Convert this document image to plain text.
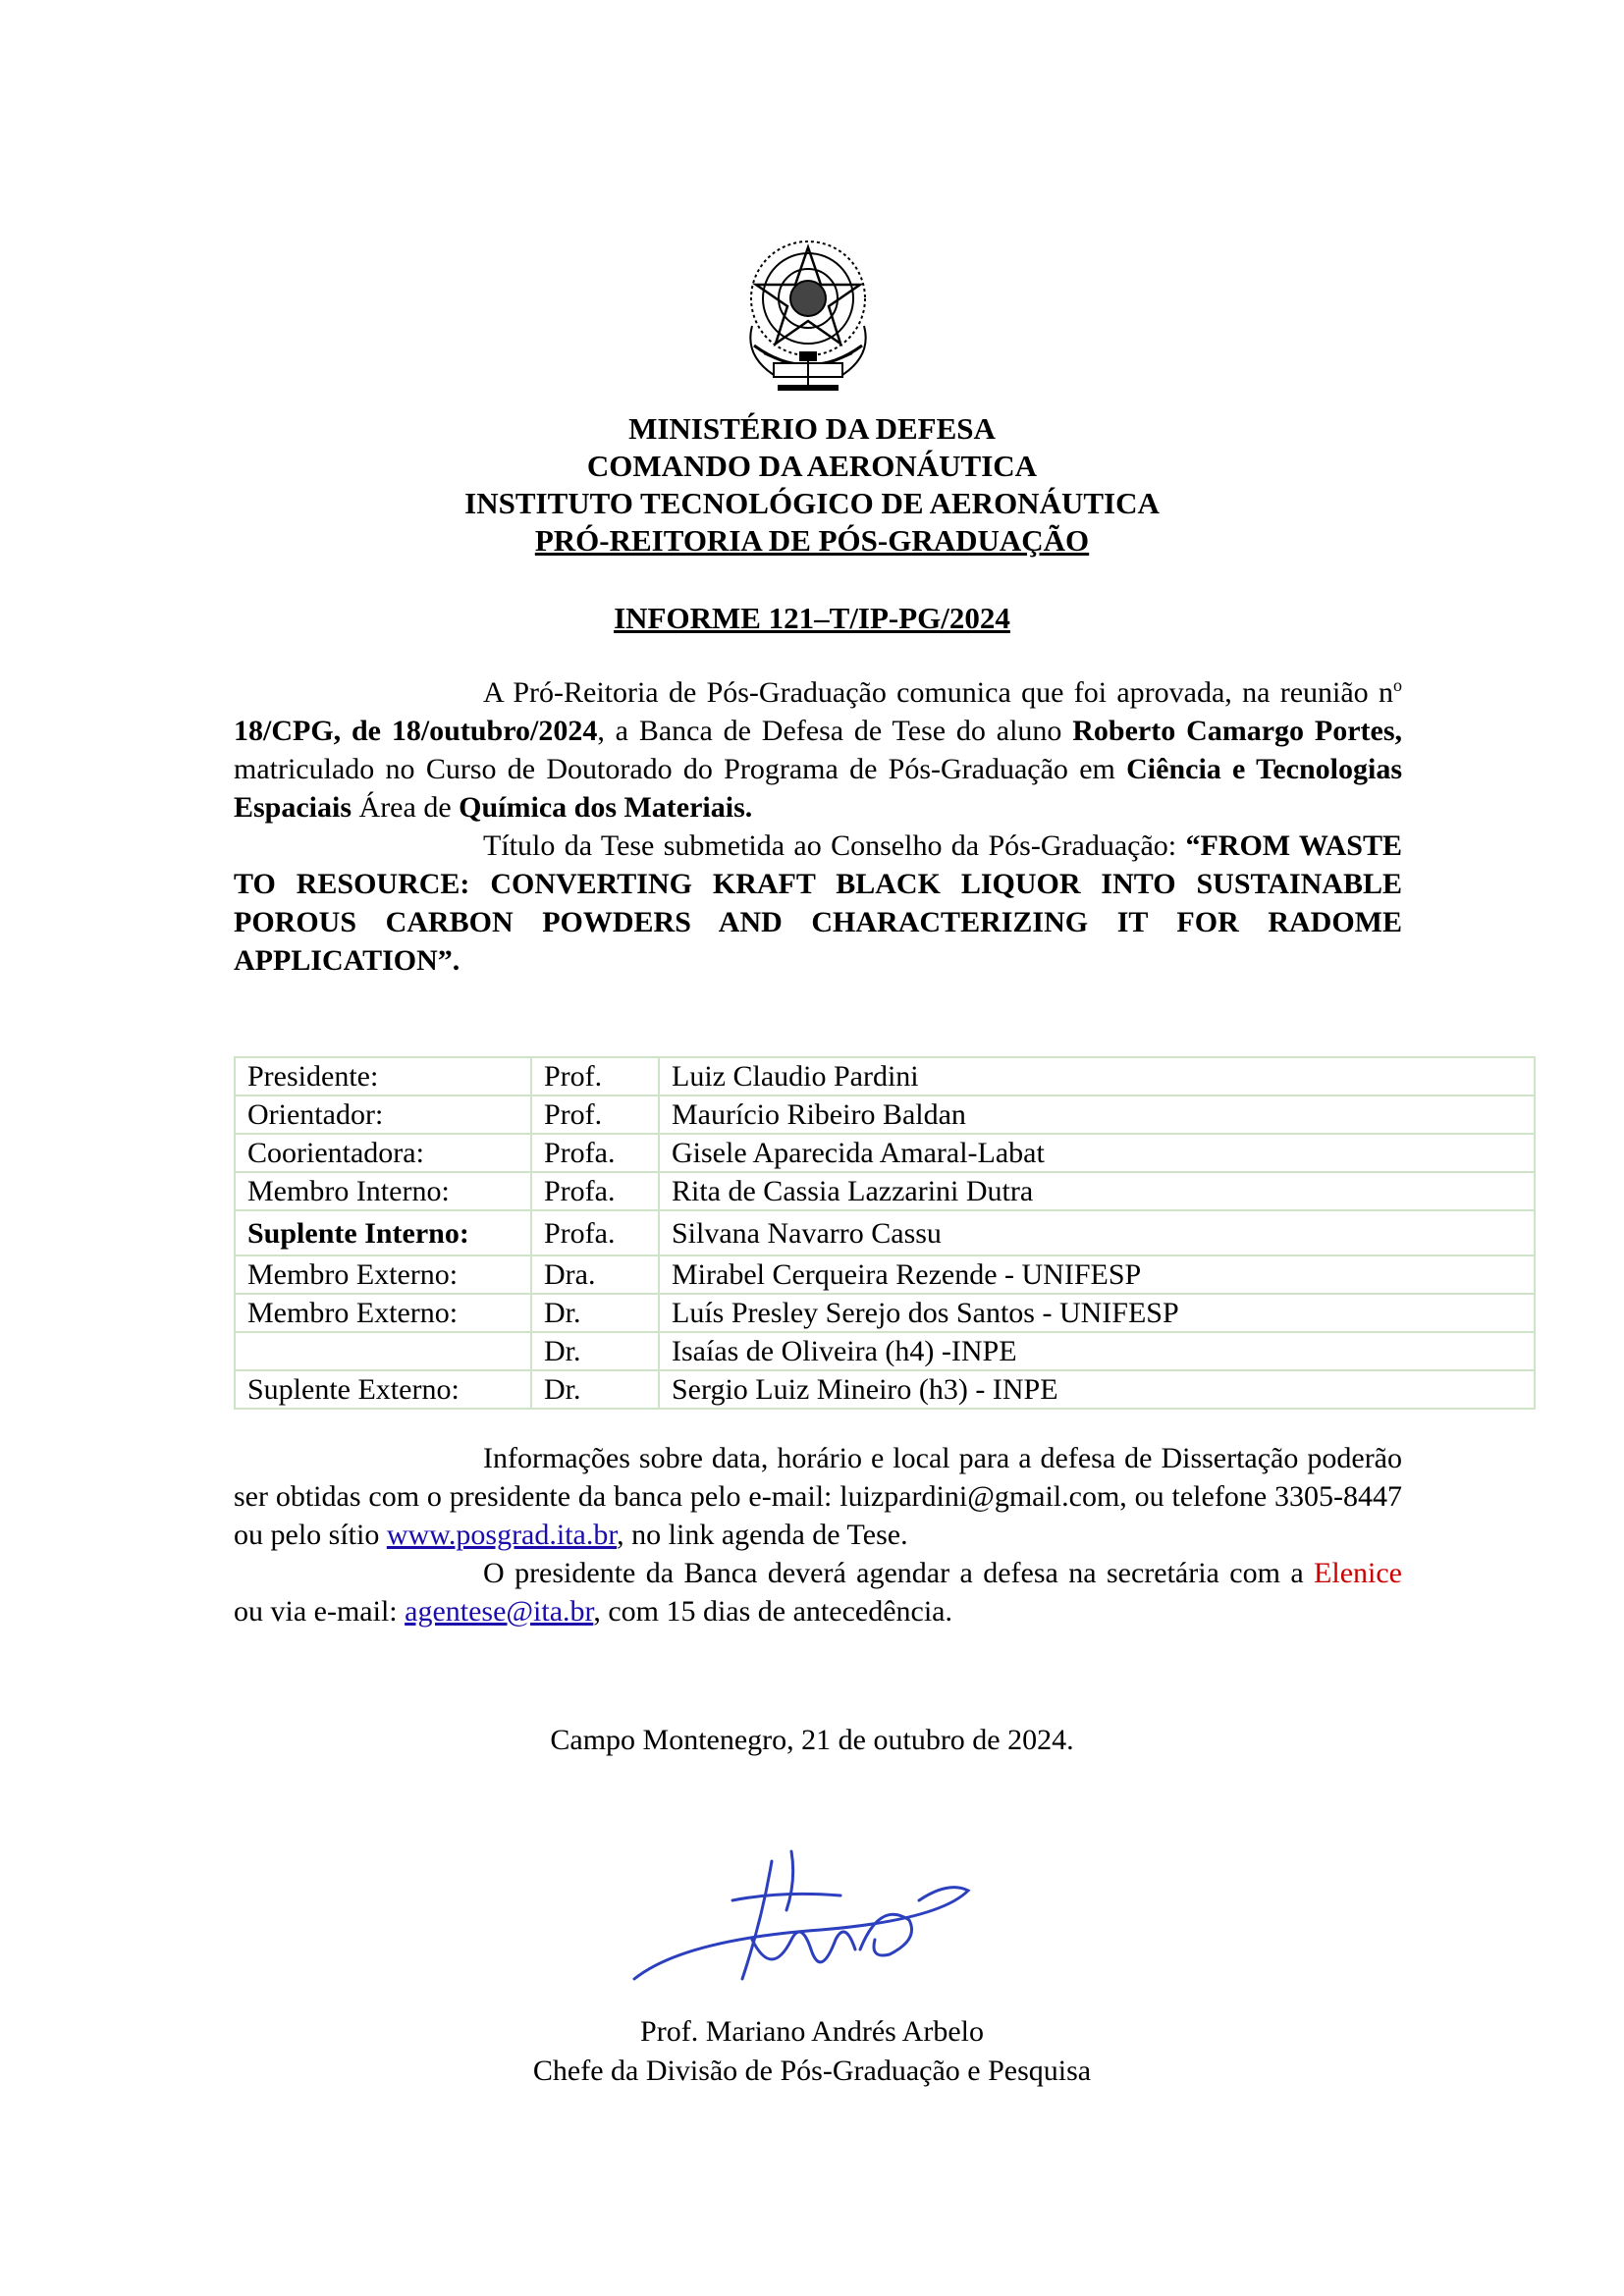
MINISTÉRIO DA DEFESA
COMANDO DA AERONÁUTICA
INSTITUTO TECNOLÓGICO DE AERONÁUTICA
PRÓ-REITORIA DE PÓS-GRADUAÇÃO
INFORME 121–T/IP-PG/2024

A Pró-Reitoria de Pós-Graduação comunica que foi aprovada, na reunião $n^o$ 18/CPG, de 18/outubro/2024, a Banca de Defesa de Tese do aluno Roberto Camargo Portes, matriculado no Curso de Doutorado do Programa de Pós-Graduação em Ciência e Tecnologias Espaciais Área de Química dos Materiais.

Título da Tese submetida ao Conselho da Pós-Graduação: “FROM WASTE TO RESOURCE: CONVERTING KRAFT BLACK LIQUOR INTO SUSTAINABLE POROUS CARBON POWDERS AND CHARACTERIZING IT FOR RADOME APPLICATION”.

Presidente:	Prof.	Luiz Claudio Pardini
Orientador:	Prof.	Maurício Ribeiro Baldan
Coorientadora:	Profa.	Gisele Aparecida Amaral-Labat
Membro Interno:	Profa.	Rita de Cassia Lazzarini Dutra
Suplente Interno:	Profa.	Silvana Navarro Cassu
Membro Externo:	Dra.	Mirabel Cerqueira Rezende - UNIFESP
Membro Externo:	Dr.	Luís Presley Serejo dos Santos - UNIFESP
	Dr.	Isaías de Oliveira (h4) -INPE
Suplente Externo:	Dr.	Sergio Luiz Mineiro (h3) - INPE

Informações sobre data, horário e local para a defesa de Dissertação poderão ser obtidas com o presidente da banca pelo e-mail: luizpardini@gmail.com, ou telefone 3305-8447 ou pelo sítio www.posgrad.ita.br, no link agenda de Tese.

O presidente da Banca deverá agendar a defesa na secretária com a Elenice ou via e-mail: agentese@ita.br, com 15 dias de antecedência.

Campo Montenegro, 21 de outubro de 2024.
Prof. Mariano Andrés Arbelo
Chefe da Divisão de Pós-Graduação e Pesquisa
